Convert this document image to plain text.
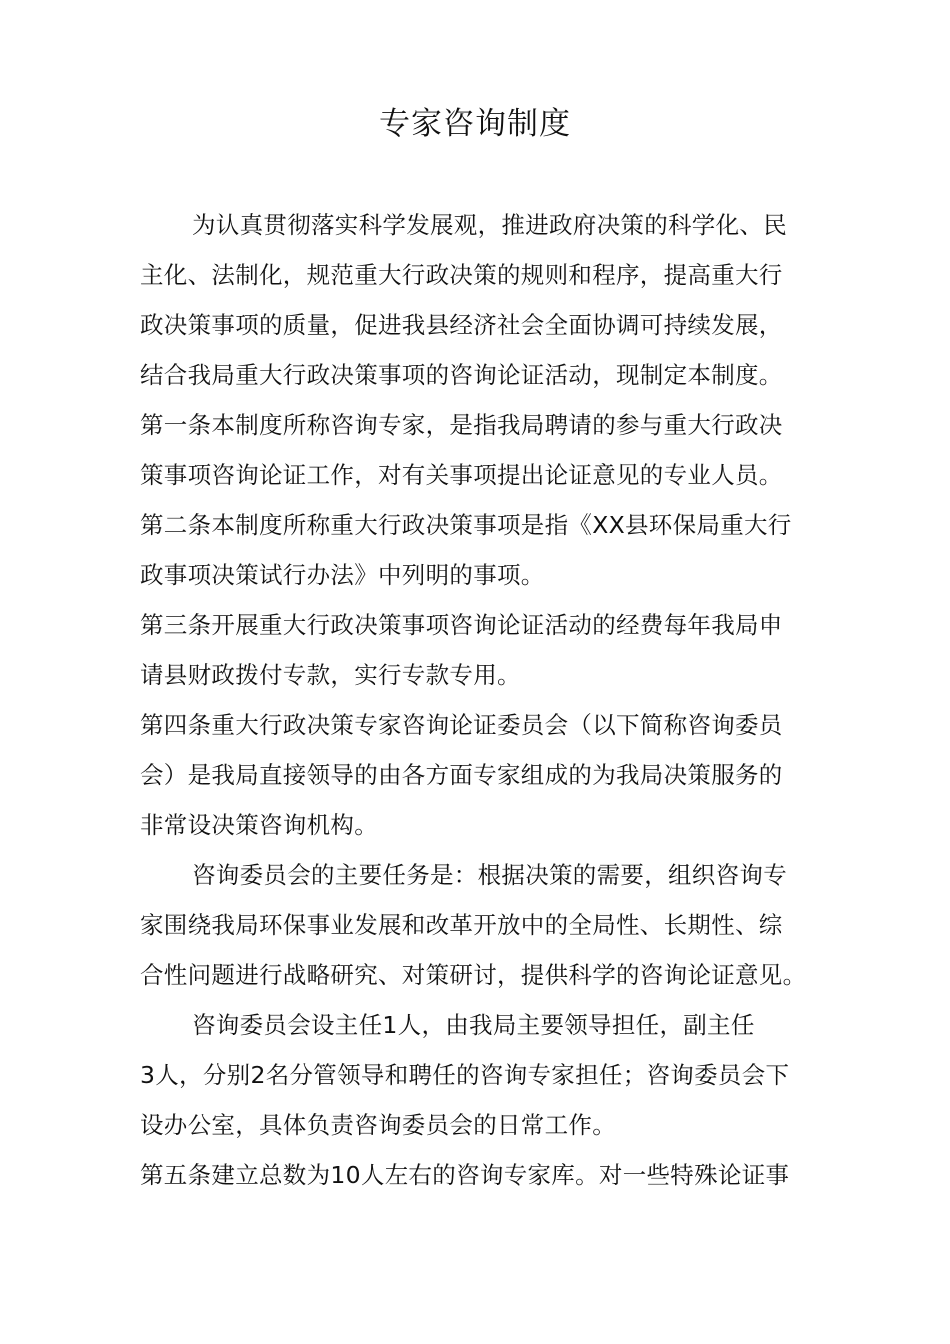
专家咨询制度
为认真贯彻落实科学发展观，推进政府决策的科学化、民
主化、法制化，规范重大行政决策的规则和程序，提高重大行
政决策事项的质量，促进我县经济社会全面协调可持续发展，
结合我局重大行政决策事项的咨询论证活动，现制定本制度。
第一条本制度所称咨询专家，是指我局聘请的参与重大行政决
策事项咨询论证工作，对有关事项提出论证意见的专业人员。
第二条本制度所称重大行政决策事项是指《XX县环保局重大行
政事项决策试行办法》中列明的事项。
第三条开展重大行政决策事项咨询论证活动的经费每年我局申
请县财政拨付专款，实行专款专用。
第四条重大行政决策专家咨询论证委员会（以下简称咨询委员
会）是我局直接领导的由各方面专家组成的为我局决策服务的
非常设决策咨询机构。
咨询委员会的主要任务是：根据决策的需要，组织咨询专
家围绕我局环保事业发展和改革开放中的全局性、长期性、综
合性问题进行战略研究、对策研讨，提供科学的咨询论证意见。
咨询委员会设主任1人，由我局主要领导担任，副主任
3人，分别2名分管领导和聘任的咨询专家担任；咨询委员会下
设办公室，具体负责咨询委员会的日常工作。
第五条建立总数为10人左右的咨询专家库。对一些特殊论证事
